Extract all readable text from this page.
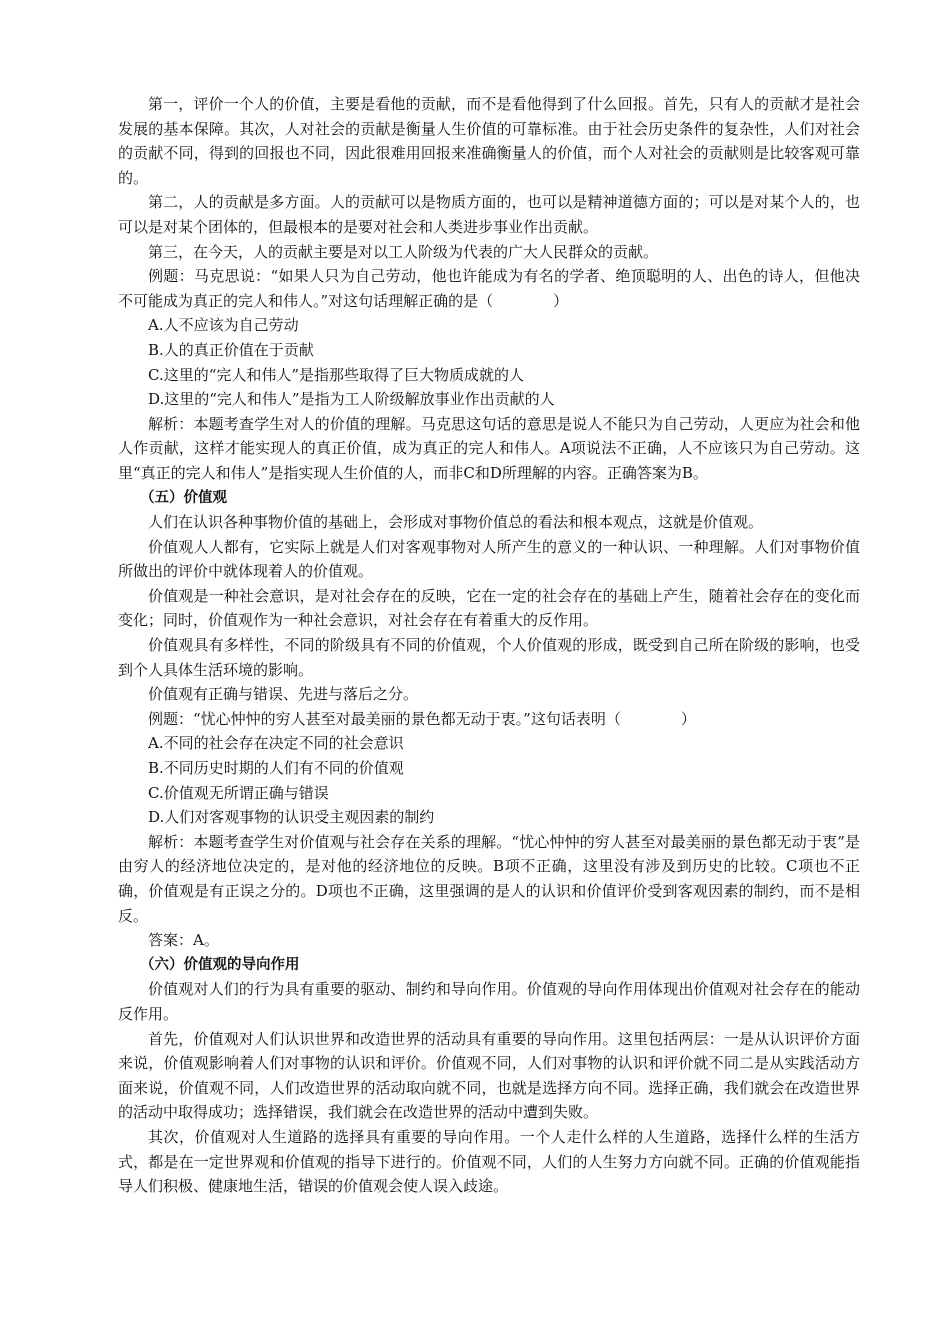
第一，评价一个人的价值，主要是看他的贡献，而不是看他得到了什么回报。首先，只有人的贡献才是社会发展的基本保障。其次，人对社会的贡献是衡量人生价值的可靠标准。由于社会历史条件的复杂性，人们对社会的贡献不同，得到的回报也不同，因此很难用回报来准确衡量人的价值，而个人对社会的贡献则是比较客观可靠的。

第二，人的贡献是多方面。人的贡献可以是物质方面的，也可以是精神道德方面的；可以是对某个人的，也可以是对某个团体的，但最根本的是要对社会和人类进步事业作出贡献。

第三，在今天，人的贡献主要是对以工人阶级为代表的广大人民群众的贡献。

例题：马克思说：“如果人只为自己劳动，他也许能成为有名的学者、绝顶聪明的人、出色的诗人，但他决不可能成为真正的完人和伟人。”对这句话理解正确的是（　　　　）

A.人不应该为自己劳动

B.人的真正价值在于贡献

C.这里的“完人和伟人”是指那些取得了巨大物质成就的人

D.这里的“完人和伟人”是指为工人阶级解放事业作出贡献的人

解析：本题考查学生对人的价值的理解。马克思这句话的意思是说人不能只为自己劳动，人更应为社会和他人作贡献，这样才能实现人的真正价值，成为真正的完人和伟人。A项说法不正确，人不应该只为自己劳动。这里“真正的完人和伟人”是指实现人生价值的人，而非C和D所理解的内容。正确答案为B。

（五）价值观

人们在认识各种事物价值的基础上，会形成对事物价值总的看法和根本观点，这就是价值观。

价值观人人都有，它实际上就是人们对客观事物对人所产生的意义的一种认识、一种理解。人们对事物价值所做出的评价中就体现着人的价值观。

价值观是一种社会意识，是对社会存在的反映，它在一定的社会存在的基础上产生，随着社会存在的变化而变化；同时，价值观作为一种社会意识，对社会存在有着重大的反作用。

价值观具有多样性，不同的阶级具有不同的价值观，个人价值观的形成，既受到自己所在阶级的影响，也受到个人具体生活环境的影响。

价值观有正确与错误、先进与落后之分。

例题：“忧心忡忡的穷人甚至对最美丽的景色都无动于衷。”这句话表明（　　　　）

A.不同的社会存在决定不同的社会意识

B.不同历史时期的人们有不同的价值观

C.价值观无所谓正确与错误

D.人们对客观事物的认识受主观因素的制约

解析：本题考查学生对价值观与社会存在关系的理解。“忧心忡忡的穷人甚至对最美丽的景色都无动于衷”是由穷人的经济地位决定的，是对他的经济地位的反映。B项不正确，这里没有涉及到历史的比较。C项也不正确，价值观是有正误之分的。D项也不正确，这里强调的是人的认识和价值评价受到客观因素的制约，而不是相反。

答案：A。

（六）价值观的导向作用

价值观对人们的行为具有重要的驱动、制约和导向作用。价值观的导向作用体现出价值观对社会存在的能动反作用。

首先，价值观对人们认识世界和改造世界的活动具有重要的导向作用。这里包括两层：一是从认识评价方面来说，价值观影响着人们对事物的认识和评价。价值观不同，人们对事物的认识和评价就不同二是从实践活动方面来说，价值观不同，人们改造世界的活动取向就不同，也就是选择方向不同。选择正确，我们就会在改造世界的活动中取得成功；选择错误，我们就会在改造世界的活动中遭到失败。

其次，价值观对人生道路的选择具有重要的导向作用。一个人走什么样的人生道路，选择什么样的生活方式，都是在一定世界观和价值观的指导下进行的。价值观不同，人们的人生努力方向就不同。正确的价值观能指导人们积极、健康地生活，错误的价值观会使人误入歧途。
